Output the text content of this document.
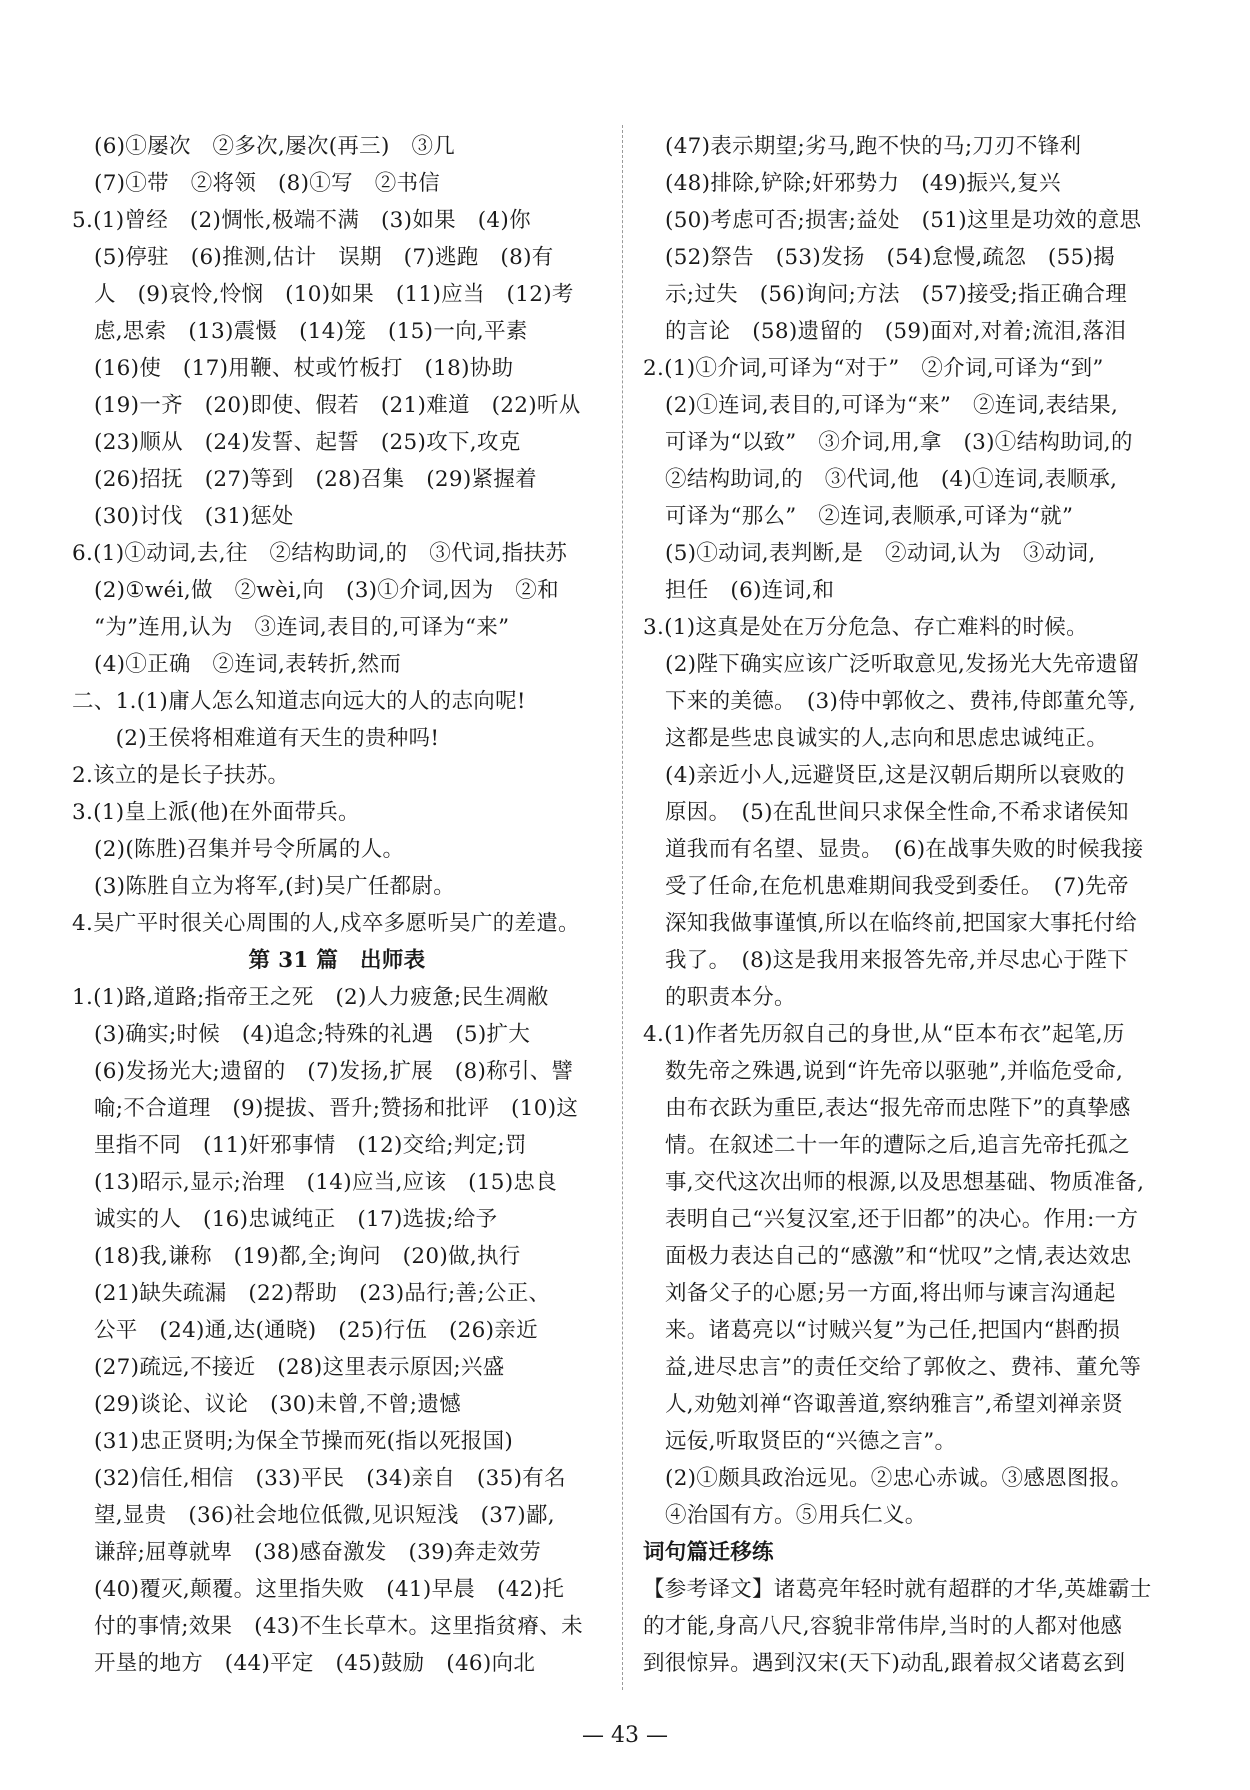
(6)①屡次　②多次,屡次(再三)　③几
(7)①带　②将领　(8)①写　②书信
5.(1)曾经　(2)惆怅,极端不满　(3)如果　(4)你
(5)停驻　(6)推测,估计　误期　(7)逃跑　(8)有
人　(9)哀怜,怜悯　(10)如果　(11)应当　(12)考
虑,思索　(13)震慑　(14)笼　(15)一向,平素
(16)使　(17)用鞭、杖或竹板打　(18)协助
(19)一齐　(20)即使、假若　(21)难道　(22)听从
(23)顺从　(24)发誓、起誓　(25)攻下,攻克
(26)招抚　(27)等到　(28)召集　(29)紧握着
(30)讨伐　(31)惩处
6.(1)①动词,去,往　②结构助词,的　③代词,指扶苏
(2)①wéi,做　②wèi,向　(3)①介词,因为　②和
“为”连用,认为　③连词,表目的,可译为“来”
(4)①正确　②连词,表转折,然而
二、1.(1)庸人怎么知道志向远大的人的志向呢!
　　(2)王侯将相难道有天生的贵种吗!
2.该立的是长子扶苏。
3.(1)皇上派(他)在外面带兵。
(2)(陈胜)召集并号令所属的人。
(3)陈胜自立为将军,(封)吴广任都尉。
4.吴广平时很关心周围的人,戍卒多愿听吴广的差遣。
第 31 篇　出师表
1.(1)路,道路;指帝王之死　(2)人力疲惫;民生凋敝
(3)确实;时候　(4)追念;特殊的礼遇　(5)扩大
(6)发扬光大;遗留的　(7)发扬,扩展　(8)称引、譬
喻;不合道理　(9)提拔、晋升;赞扬和批评　(10)这
里指不同　(11)奸邪事情　(12)交给;判定;罚
(13)昭示,显示;治理　(14)应当,应该　(15)忠良
诚实的人　(16)忠诚纯正　(17)选拔;给予
(18)我,谦称　(19)都,全;询问　(20)做,执行
(21)缺失疏漏　(22)帮助　(23)品行;善;公正、
公平　(24)通,达(通晓)　(25)行伍　(26)亲近
(27)疏远,不接近　(28)这里表示原因;兴盛
(29)谈论、议论　(30)未曾,不曾;遗憾
(31)忠正贤明;为保全节操而死(指以死报国)
(32)信任,相信　(33)平民　(34)亲自　(35)有名
望,显贵　(36)社会地位低微,见识短浅　(37)鄙,
谦辞;屈尊就卑　(38)感奋激发　(39)奔走效劳
(40)覆灭,颠覆。这里指失败　(41)早晨　(42)托
付的事情;效果　(43)不生长草木。这里指贫瘠、未
开垦的地方　(44)平定　(45)鼓励　(46)向北
(47)表示期望;劣马,跑不快的马;刀刃不锋利
(48)排除,铲除;奸邪势力　(49)振兴,复兴
(50)考虑可否;损害;益处　(51)这里是功效的意思
(52)祭告　(53)发扬　(54)怠慢,疏忽　(55)揭
示;过失　(56)询问;方法　(57)接受;指正确合理
的言论　(58)遗留的　(59)面对,对着;流泪,落泪
2.(1)①介词,可译为“对于”　②介词,可译为“到”
(2)①连词,表目的,可译为“来”　②连词,表结果,
可译为“以致”　③介词,用,拿　(3)①结构助词,的
②结构助词,的　③代词,他　(4)①连词,表顺承,
可译为“那么”　②连词,表顺承,可译为“就”
(5)①动词,表判断,是　②动词,认为　③动词,
担任　(6)连词,和
3.(1)这真是处在万分危急、存亡难料的时候。
(2)陛下确实应该广泛听取意见,发扬光大先帝遗留
下来的美德。　(3)侍中郭攸之、费祎,侍郎董允等,
这都是些忠良诚实的人,志向和思虑忠诚纯正。
(4)亲近小人,远避贤臣,这是汉朝后期所以衰败的
原因。　(5)在乱世间只求保全性命,不希求诸侯知
道我而有名望、显贵。　(6)在战事失败的时候我接
受了任命,在危机患难期间我受到委任。　(7)先帝
深知我做事谨慎,所以在临终前,把国家大事托付给
我了。　(8)这是我用来报答先帝,并尽忠心于陛下
的职责本分。
4.(1)作者先历叙自己的身世,从“臣本布衣”起笔,历
数先帝之殊遇,说到“许先帝以驱驰”,并临危受命,
由布衣跃为重臣,表达“报先帝而忠陛下”的真挚感
情。在叙述二十一年的遭际之后,追言先帝托孤之
事,交代这次出师的根源,以及思想基础、物质准备,
表明自己“兴复汉室,还于旧都”的决心。作用:一方
面极力表达自己的“感激”和“忧叹”之情,表达效忠
刘备父子的心愿;另一方面,将出师与谏言沟通起
来。诸葛亮以“讨贼兴复”为己任,把国内“斟酌损
益,进尽忠言”的责任交给了郭攸之、费祎、董允等
人,劝勉刘禅“咨诹善道,察纳雅言”,希望刘禅亲贤
远佞,听取贤臣的“兴德之言”。
(2)①颇具政治远见。②忠心赤诚。③感恩图报。
④治国有方。⑤用兵仁义。
词句篇迁移练
【参考译文】诸葛亮年轻时就有超群的才华,英雄霸士
的才能,身高八尺,容貌非常伟岸,当时的人都对他感
到很惊异。遇到汉宋(天下)动乱,跟着叔父诸葛玄到
— 43 —
